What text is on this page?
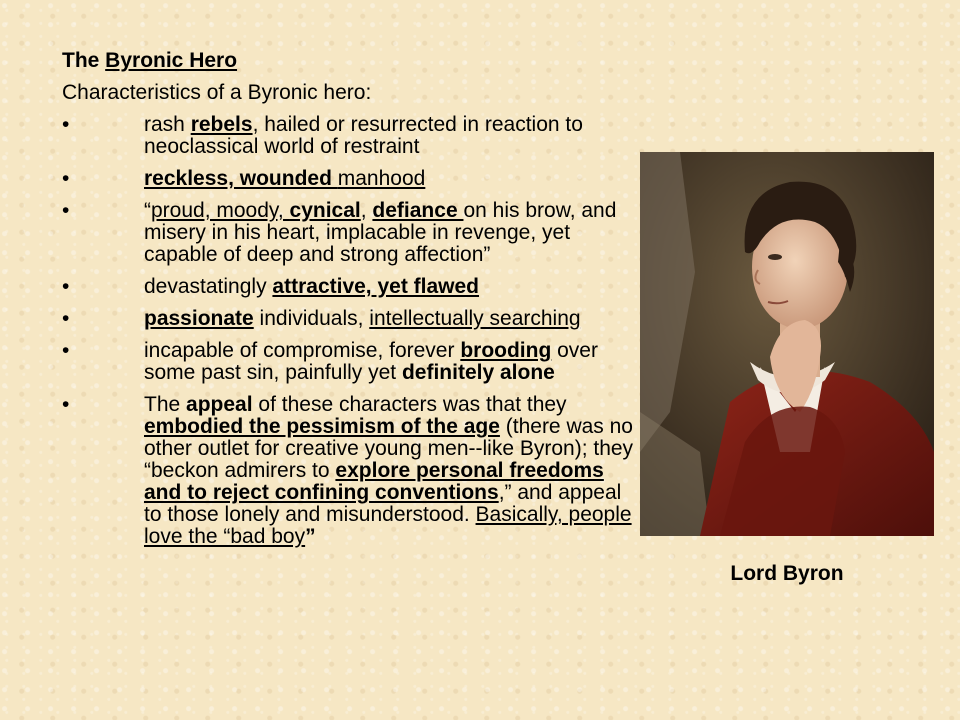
The Byronic Hero
Characteristics of a Byronic hero:
•	rash rebels, hailed or resurrected in reaction to neoclassical world of restraint
•	reckless, wounded manhood
•	“proud, moody, cynical, defiance on his brow, and misery in his heart, implacable in revenge, yet capable of deep and strong affection”
•	devastatingly attractive, yet flawed
•	passionate individuals, intellectually searching
•	incapable of compromise, forever brooding over some past sin, painfully yet definitely alone
•	The appeal of these characters was that they embodied the pessimism of the age (there was no other outlet for creative young men--like Byron); they “beckon admirers to explore personal freedoms and to reject confining conventions,” and appeal to those lonely and misunderstood. Basically, people love the “bad boy”
Lord Byron
